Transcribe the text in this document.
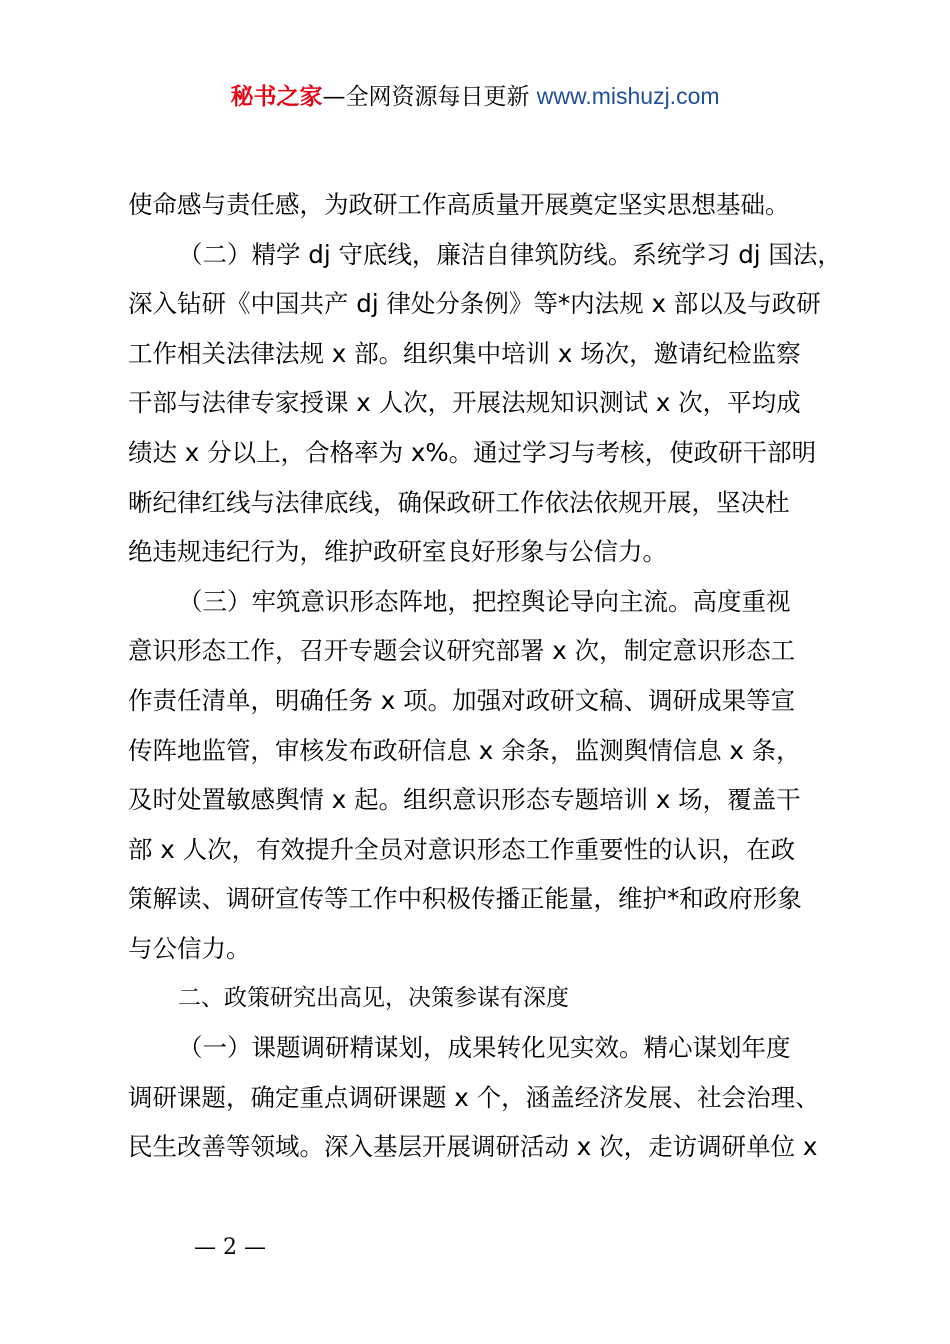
秘书之家—全网资源每日更新 www.mishuzj.com
使命感与责任感，为政研工作高质量开展奠定坚实思想基础。
（二）精学 dj 守底线，廉洁自律筑防线。系统学习 dj 国法，
深入钻研《中国共产 dj 律处分条例》等*内法规 x 部以及与政研
工作相关法律法规 x 部。组织集中培训 x 场次，邀请纪检监察
干部与法律专家授课 x 人次，开展法规知识测试 x 次，平均成
绩达 x 分以上，合格率为 x%。通过学习与考核，使政研干部明
晰纪律红线与法律底线，确保政研工作依法依规开展，坚决杜
绝违规违纪行为，维护政研室良好形象与公信力。
（三）牢筑意识形态阵地，把控舆论导向主流。高度重视
意识形态工作，召开专题会议研究部署 x 次，制定意识形态工
作责任清单，明确任务 x 项。加强对政研文稿、调研成果等宣
传阵地监管，审核发布政研信息 x 余条，监测舆情信息 x 条，
及时处置敏感舆情 x 起。组织意识形态专题培训 x 场，覆盖干
部 x 人次，有效提升全员对意识形态工作重要性的认识，在政
策解读、调研宣传等工作中积极传播正能量，维护*和政府形象
与公信力。
二、政策研究出高见，决策参谋有深度
（一）课题调研精谋划，成果转化见实效。精心谋划年度
调研课题，确定重点调研课题 x 个，涵盖经济发展、社会治理、
民生改善等领域。深入基层开展调研活动 x 次，走访调研单位 x
— 2 —
